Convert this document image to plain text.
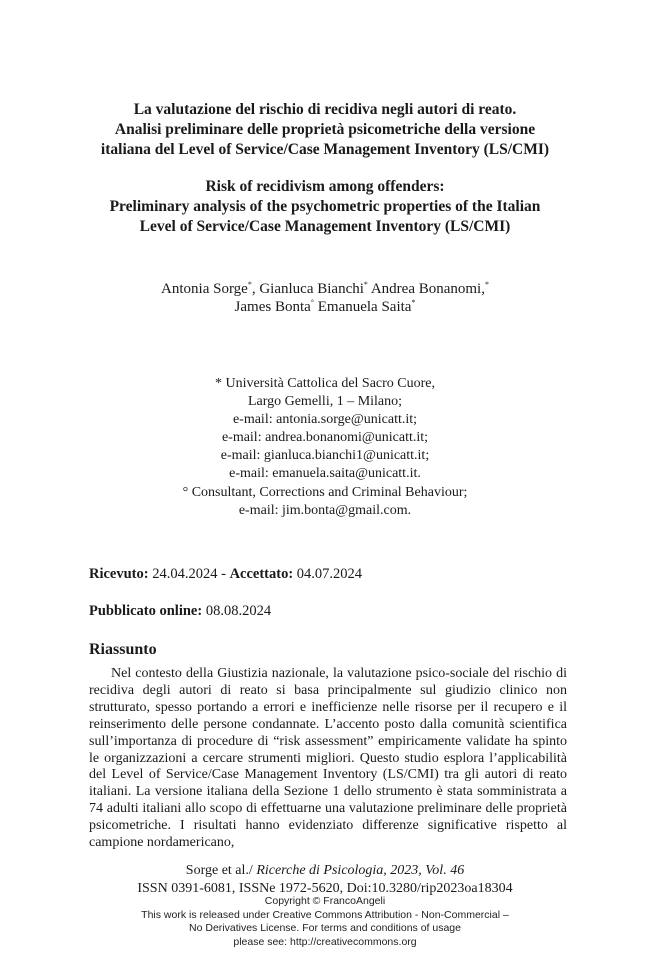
La valutazione del rischio di recidiva negli autori di reato.
Analisi preliminare delle proprietà psicometriche della versione
italiana del Level of Service/Case Management Inventory (LS/CMI)
Risk of recidivism among offenders:
Preliminary analysis of the psychometric properties of the Italian
Level of Service/Case Management Inventory (LS/CMI)
Antonia Sorge*, Gianluca Bianchi* Andrea Bonanomi,*
James Bonta° Emanuela Saita*
* Università Cattolica del Sacro Cuore,
Largo Gemelli, 1 – Milano;
e-mail: antonia.sorge@unicatt.it;
e-mail: andrea.bonanomi@unicatt.it;
e-mail: gianluca.bianchi1@unicatt.it;
e-mail: emanuela.saita@unicatt.it.
° Consultant, Corrections and Criminal Behaviour;
e-mail: jim.bonta@gmail.com.
Ricevuto: 24.04.2024 - Accettato: 04.07.2024
Pubblicato online: 08.08.2024
Riassunto

Nel contesto della Giustizia nazionale, la valutazione psico-sociale del rischio di recidiva degli autori di reato si basa principalmente sul giudizio clinico non strutturato, spesso portando a errori e inefficienze nelle risorse per il recupero e il reinserimento delle persone condannate. L’accento posto dalla comunità scientifica sull’importanza di procedure di “risk assessment” empiricamente validate ha spinto le organizzazioni a cercare strumenti migliori. Questo studio esplora l’applicabilità del Level of Service/Case Management Inventory (LS/CMI) tra gli autori di reato italiani. La versione italiana della Sezione 1 dello strumento è stata somministrata a 74 adulti italiani allo scopo di effettuarne una valutazione preliminare delle proprietà psicometriche. I risultati hanno evidenziato differenze significative rispetto al campione nordamericano,

Sorge et al./ Ricerche di Psicologia, 2023, Vol. 46
ISSN 0391-6081, ISSNe 1972-5620, Doi:10.3280/rip2023oa18304
Copyright © FrancoAngeli
This work is released under Creative Commons Attribution - Non-Commercial –
No Derivatives License. For terms and conditions of usage
please see: http://creativecommons.org
